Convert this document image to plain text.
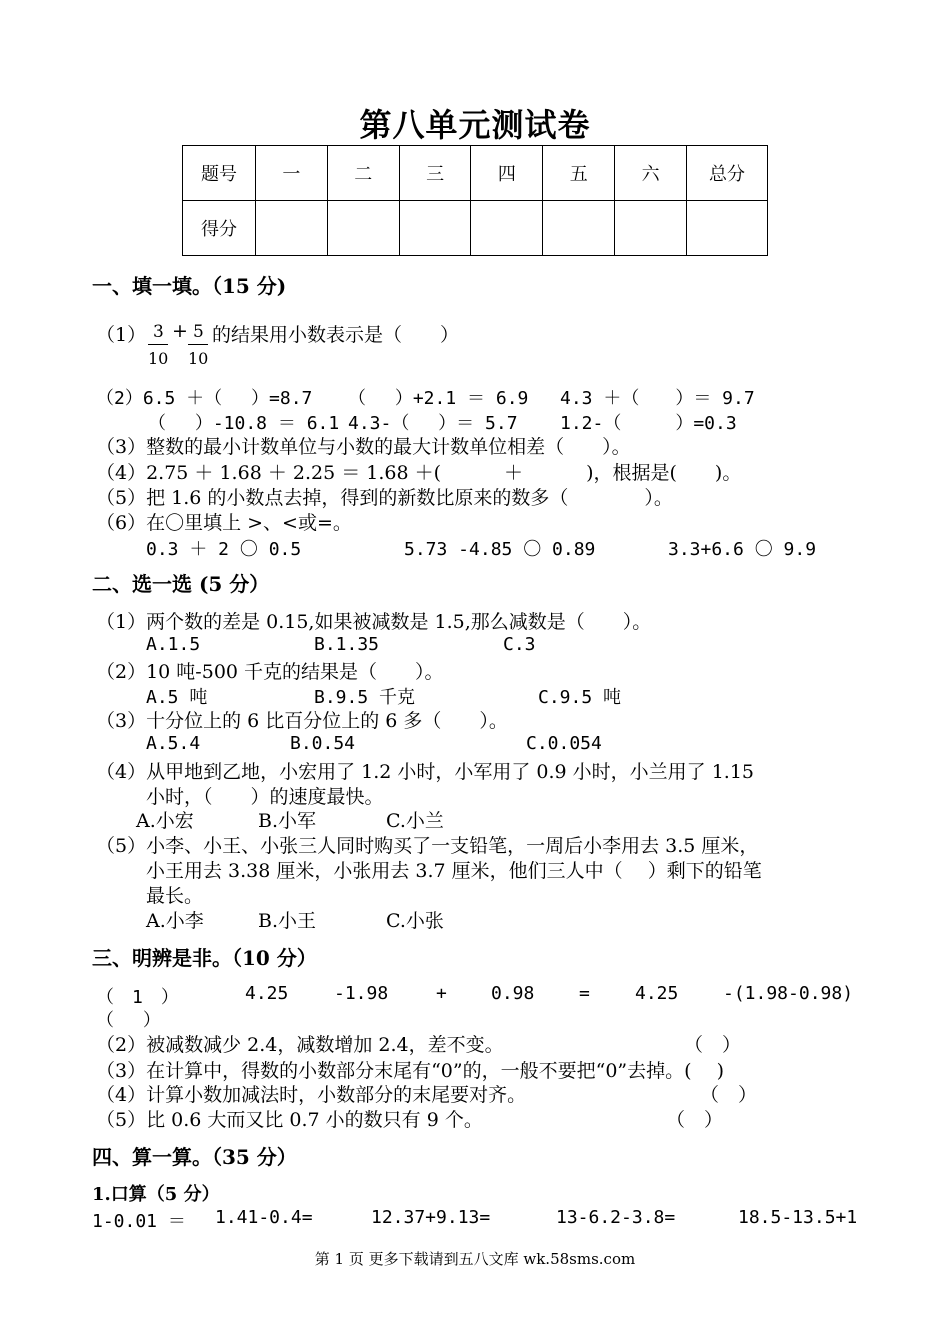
第八单元测试卷
题号	一	二	三	四	五	六	总分
得分							
一、填一填。（15 分)
（1） 3
10
+ 5
10
的结果用小数表示是（　　）
（2）6.5 ＋（　 ）=8.7 （　 ）+2.1 ＝ 6.9 4.3 ＋（　　）＝ 9.7
（　 ）-10.8 ＝ 6.1 4.3-（　 ）＝ 5.7 1.2-（　　　）=0.3
（3）整数的最小计数单位与小数的最大计数单位相差（　　）。
（4）2.75 ＋ 1.68 ＋ 2.25 ＝ 1.68 ＋(　　　 ＋　　　 )，根据是(　　)。
（5）把 1.6 的小数点去掉，得到的新数比原来的数多（　　　　）。
（6）在〇里填上 >、<或=。
0.3 ＋ 2 〇 0.5	5.73 -4.85 〇 0.89	3.3+6.6 〇 9.9
二、选一选 (5 分）
（1）两个数的差是 0.15,如果被减数是 1.5,那么减数是（　　）。
A.1.5	B.1.35	C.3
（2）10 吨-500 千克的结果是（　　）。
A.5 吨	B.9.5 千克	C.9.5 吨
（3）十分位上的 6 比百分位上的 6 多（　　）。
A.5.4	B.0.54	C.0.054
（4）从甲地到乙地，小宏用了 1.2 小时，小军用了 0.9 小时，小兰用了 1.15
小时，（　　）的速度最快。
A.小宏	B.小军	C.小兰
（5）小李、小王、小张三人同时购买了一支铅笔，一周后小李用去 3.5 厘米，
小王用去 3.38 厘米，小张用去 3.7 厘米，他们三人中（　 ）剩下的铅笔
最长。
A.小李	B.小王	C.小张
三、明辨是非。（10 分）
（　1　）	4.25	-1.98	+ 0.98 =	4.25 -(1.98-0.98)
（　 ）
（2）被减数减少 2.4，减数增加 2.4，差不变。	（　）
（3）在计算中，得数的小数部分末尾有“0”的，一般不要把“0”去掉。(　 )
（4）计算小数加减法时，小数部分的末尾要对齐。	（　）
（5）比 0.6 大而又比 0.7 小的数只有 9 个。	（　）
四、算一算。（35 分）
1.口算（5 分）
1-0.01 ＝ 1.41-0.4=	12.37+9.13=	13-6.2-3.8=	18.5-13.5+1
第 1 页 更多下载请到五八文库 wk.58sms.com
